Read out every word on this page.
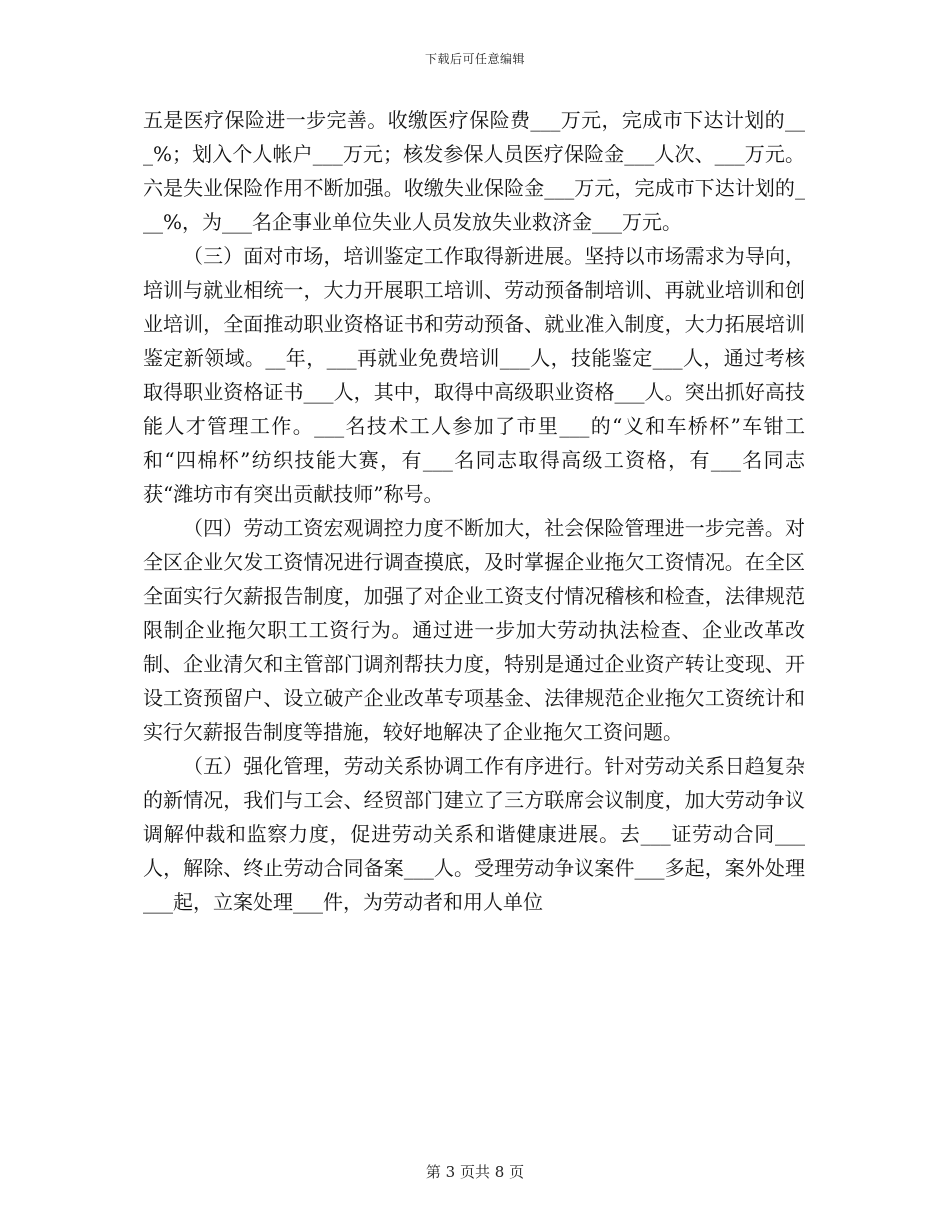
下载后可任意编辑

五是医疗保险进一步完善。收缴医疗保险费___万元，完成市下达计划的___%；划入个人帐户___万元；核发参保人员医疗保险金___人次、___万元。六是失业保险作用不断加强。收缴失业保险金___万元，完成市下达计划的___%，为___名企事业单位失业人员发放失业救济金___万元。

（三）面对市场，培训鉴定工作取得新进展。坚持以市场需求为导向，培训与就业相统一，大力开展职工培训、劳动预备制培训、再就业培训和创业培训，全面推动职业资格证书和劳动预备、就业准入制度，大力拓展培训鉴定新领域。__年，___再就业免费培训___人，技能鉴定___人，通过考核取得职业资格证书___人，其中，取得中高级职业资格___人。突出抓好高技能人才管理工作。___名技术工人参加了市里___的“义和车桥杯”车钳工和“四棉杯”纺织技能大赛，有___名同志取得高级工资格，有___名同志获“潍坊市有突出贡献技师”称号。

（四）劳动工资宏观调控力度不断加大，社会保险管理进一步完善。对全区企业欠发工资情况进行调查摸底，及时掌握企业拖欠工资情况。在全区全面实行欠薪报告制度，加强了对企业工资支付情况稽核和检查，法律规范限制企业拖欠职工工资行为。通过进一步加大劳动执法检查、企业改革改制、企业清欠和主管部门调剂帮扶力度，特别是通过企业资产转让变现、开设工资预留户、设立破产企业改革专项基金、法律规范企业拖欠工资统计和实行欠薪报告制度等措施，较好地解决了企业拖欠工资问题。

（五）强化管理，劳动关系协调工作有序进行。针对劳动关系日趋复杂的新情况，我们与工会、经贸部门建立了三方联席会议制度，加大劳动争议调解仲裁和监察力度，促进劳动关系和谐健康进展。去___证劳动合同___人，解除、终止劳动合同备案___人。受理劳动争议案件___多起，案外处理___起，立案处理___件，为劳动者和用人单位

第 3 页共 8 页
